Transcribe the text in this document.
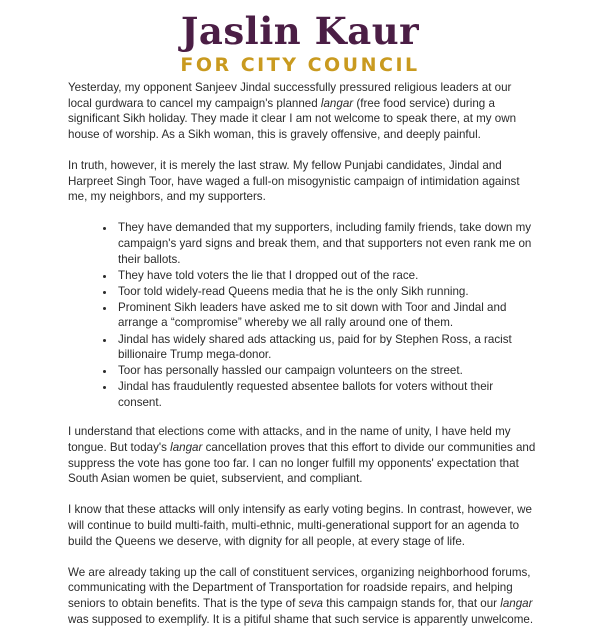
Jaslin Kaur
FOR CITY COUNCIL

Yesterday, my opponent Sanjeev Jindal successfully pressured religious leaders at our local gurdwara to cancel my campaign's planned langar (free food service) during a significant Sikh holiday. They made it clear I am not welcome to speak there, at my own house of worship. As a Sikh woman, this is gravely offensive, and deeply painful.

In truth, however, it is merely the last straw. My fellow Punjabi candidates, Jindal and Harpreet Singh Toor, have waged a full-on misogynistic campaign of intimidation against me, my neighbors, and my supporters.

• They have demanded that my supporters, including family friends, take down my campaign's yard signs and break them, and that supporters not even rank me on their ballots.
• They have told voters the lie that I dropped out of the race.
• Toor told widely-read Queens media that he is the only Sikh running.
• Prominent Sikh leaders have asked me to sit down with Toor and Jindal and arrange a “compromise” whereby we all rally around one of them.
• Jindal has widely shared ads attacking us, paid for by Stephen Ross, a racist billionaire Trump mega-donor.
• Toor has personally hassled our campaign volunteers on the street.
• Jindal has fraudulently requested absentee ballots for voters without their consent.

I understand that elections come with attacks, and in the name of unity, I have held my tongue. But today's langar cancellation proves that this effort to divide our communities and suppress the vote has gone too far. I can no longer fulfill my opponents' expectation that South Asian women be quiet, subservient, and compliant.

I know that these attacks will only intensify as early voting begins. In contrast, however, we will continue to build multi-faith, multi-ethnic, multi-generational support for an agenda to build the Queens we deserve, with dignity for all people, at every stage of life.

We are already taking up the call of constituent services, organizing neighborhood forums, communicating with the Department of Transportation for roadside repairs, and helping seniors to obtain benefits. That is the type of seva this campaign stands for, that our langar was supposed to exemplify. It is a pitiful shame that such service is apparently unwelcome.
